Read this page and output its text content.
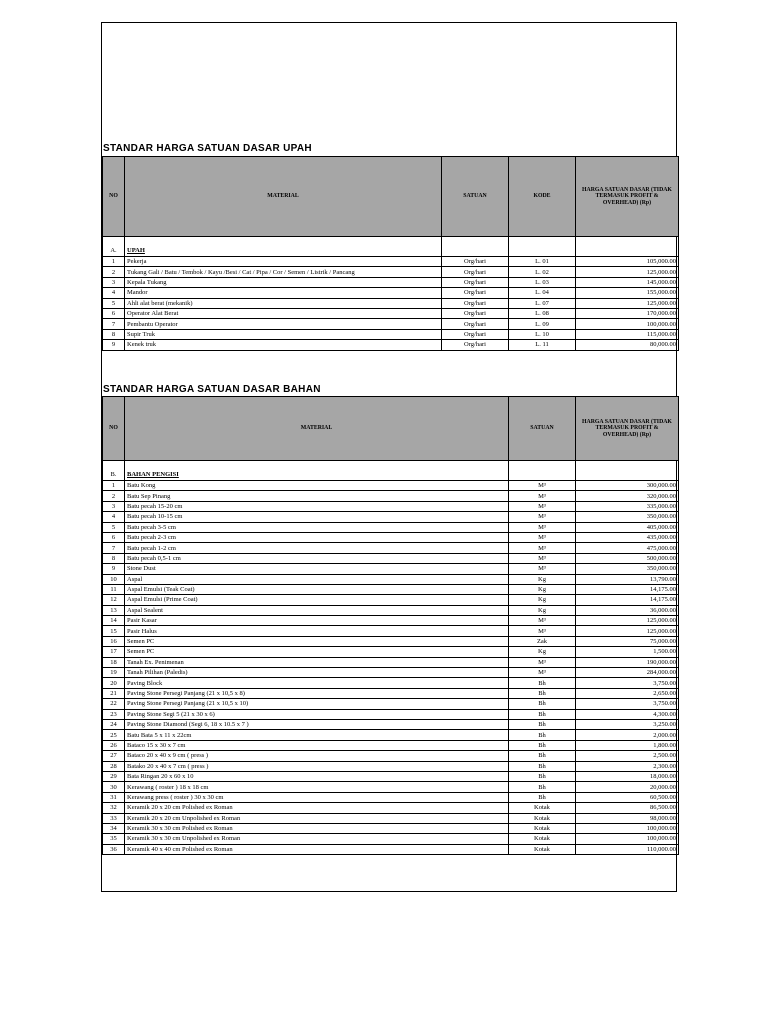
STANDAR HARGA SATUAN DASAR UPAH
NO	MATERIAL	SATUAN	KODE	HARGA SATUAN DASAR (TIDAK TERMASUK PROFIT & OVERHEAD) (Rp)
A.	UPAH			
1	Pekerja	Org/hari	L. 01	105,000.00
2	Tukang Gali / Batu / Tembok / Kayu /Besi / Cat / Pipa / Cor / Semen / Listrik / Pancang	Org/hari	L. 02	125,000.00
3	Kepala Tukang	Org/hari	L. 03	145,000.00
4	Mandor	Org/hari	L. 04	155,000.00
5	Ahli alat berat (mekanik)	Org/hari	L. 07	125,000.00
6	Operator Alat Berat	Org/hari	L. 08	170,000.00
7	Pembantu Operator	Org/hari	L. 09	100,000.00
8	Supir Truk	Org/hari	L. 10	115,000.00
9	Kenek truk	Org/hari	L. 11	80,000.00
STANDAR HARGA SATUAN DASAR BAHAN
NO	MATERIAL	SATUAN	HARGA SATUAN DASAR (TIDAK TERMASUK PROFIT & OVERHEAD) (Rp)
B.	BAHAN PENGISI		
1	Batu Kong	M³	300,000.00
2	Batu Sep Pinang	M³	320,000.00
3	Batu pecah 15-20 cm	M³	335,000.00
4	Batu pecah 10-15 cm	M³	350,000.00
5	Batu pecah 3-5 cm	M³	405,000.00
6	Batu pecah 2-3 cm	M³	435,000.00
7	Batu pecah 1-2 cm	M³	475,000.00
8	Batu pecah 0,5-1 cm	M³	500,000.00
9	Stone Dust	M³	350,000.00
10	Aspal	Kg	13,790.00
11	Aspal Emulsi (Teak Coat)	Kg	14,175.00
12	Aspal Emulsi (Prime Coat)	Kg	14,175.00
13	Aspal Sealent	Kg	36,000.00
14	Pasir Kasar	M³	125,000.00
15	Pasir Halus	M³	125,000.00
16	Semen PC	Zak	75,000.00
17	Semen PC	Kg	1,500.00
18	Tanah Ex. Penimenan	M³	190,000.00
19	Tanah Pilihan (Paledis)	M³	284,000.00
20	Paving Block	Bh	3,750.00
21	Paving Stone Persegi Panjang (21 x 10,5 x 8)	Bh	2,650.00
22	Paving Stone Persegi Panjang (21 x 10,5 x 10)	Bh	3,750.00
23	Paving Stone Segi 5 (21 x 30 x 6)	Bh	4,300.00
24	Paving Stone Diamond (Segi 6, 18 x 10.5 x 7 )	Bh	3,250.00
25	Batu Bata 5 x 11 x 22cm	Bh	2,000.00
26	Bataco 15 x 30 x 7 cm	Bh	1,800.00
27	Bataco 20 x 40 x 9 cm ( press )	Bh	2,500.00
28	Batako 20 x 40 x 7 cm ( press )	Bh	2,300.00
29	Bata Ringan 20 x 60 x 10	Bh	18,000.00
30	Kerawang ( roster ) 18 x 18 cm	Bh	20,000.00
31	Kerawang press ( roster ) 30 x 30 cm	Bh	60,500.00
32	Keramik 20 x 20 cm Polished ex Roman	Kotak	86,500.00
33	Keramik 20 x 20 cm Unpolished ex Roman	Kotak	98,000.00
34	Keramik 30 x 30 cm Polished ex Roman	Kotak	100,000.00
35	Keramik 30 x 30 cm Unpolished ex Roman	Kotak	100,000.00
36	Keramik 40 x 40 cm Polished ex Roman	Kotak	110,000.00
